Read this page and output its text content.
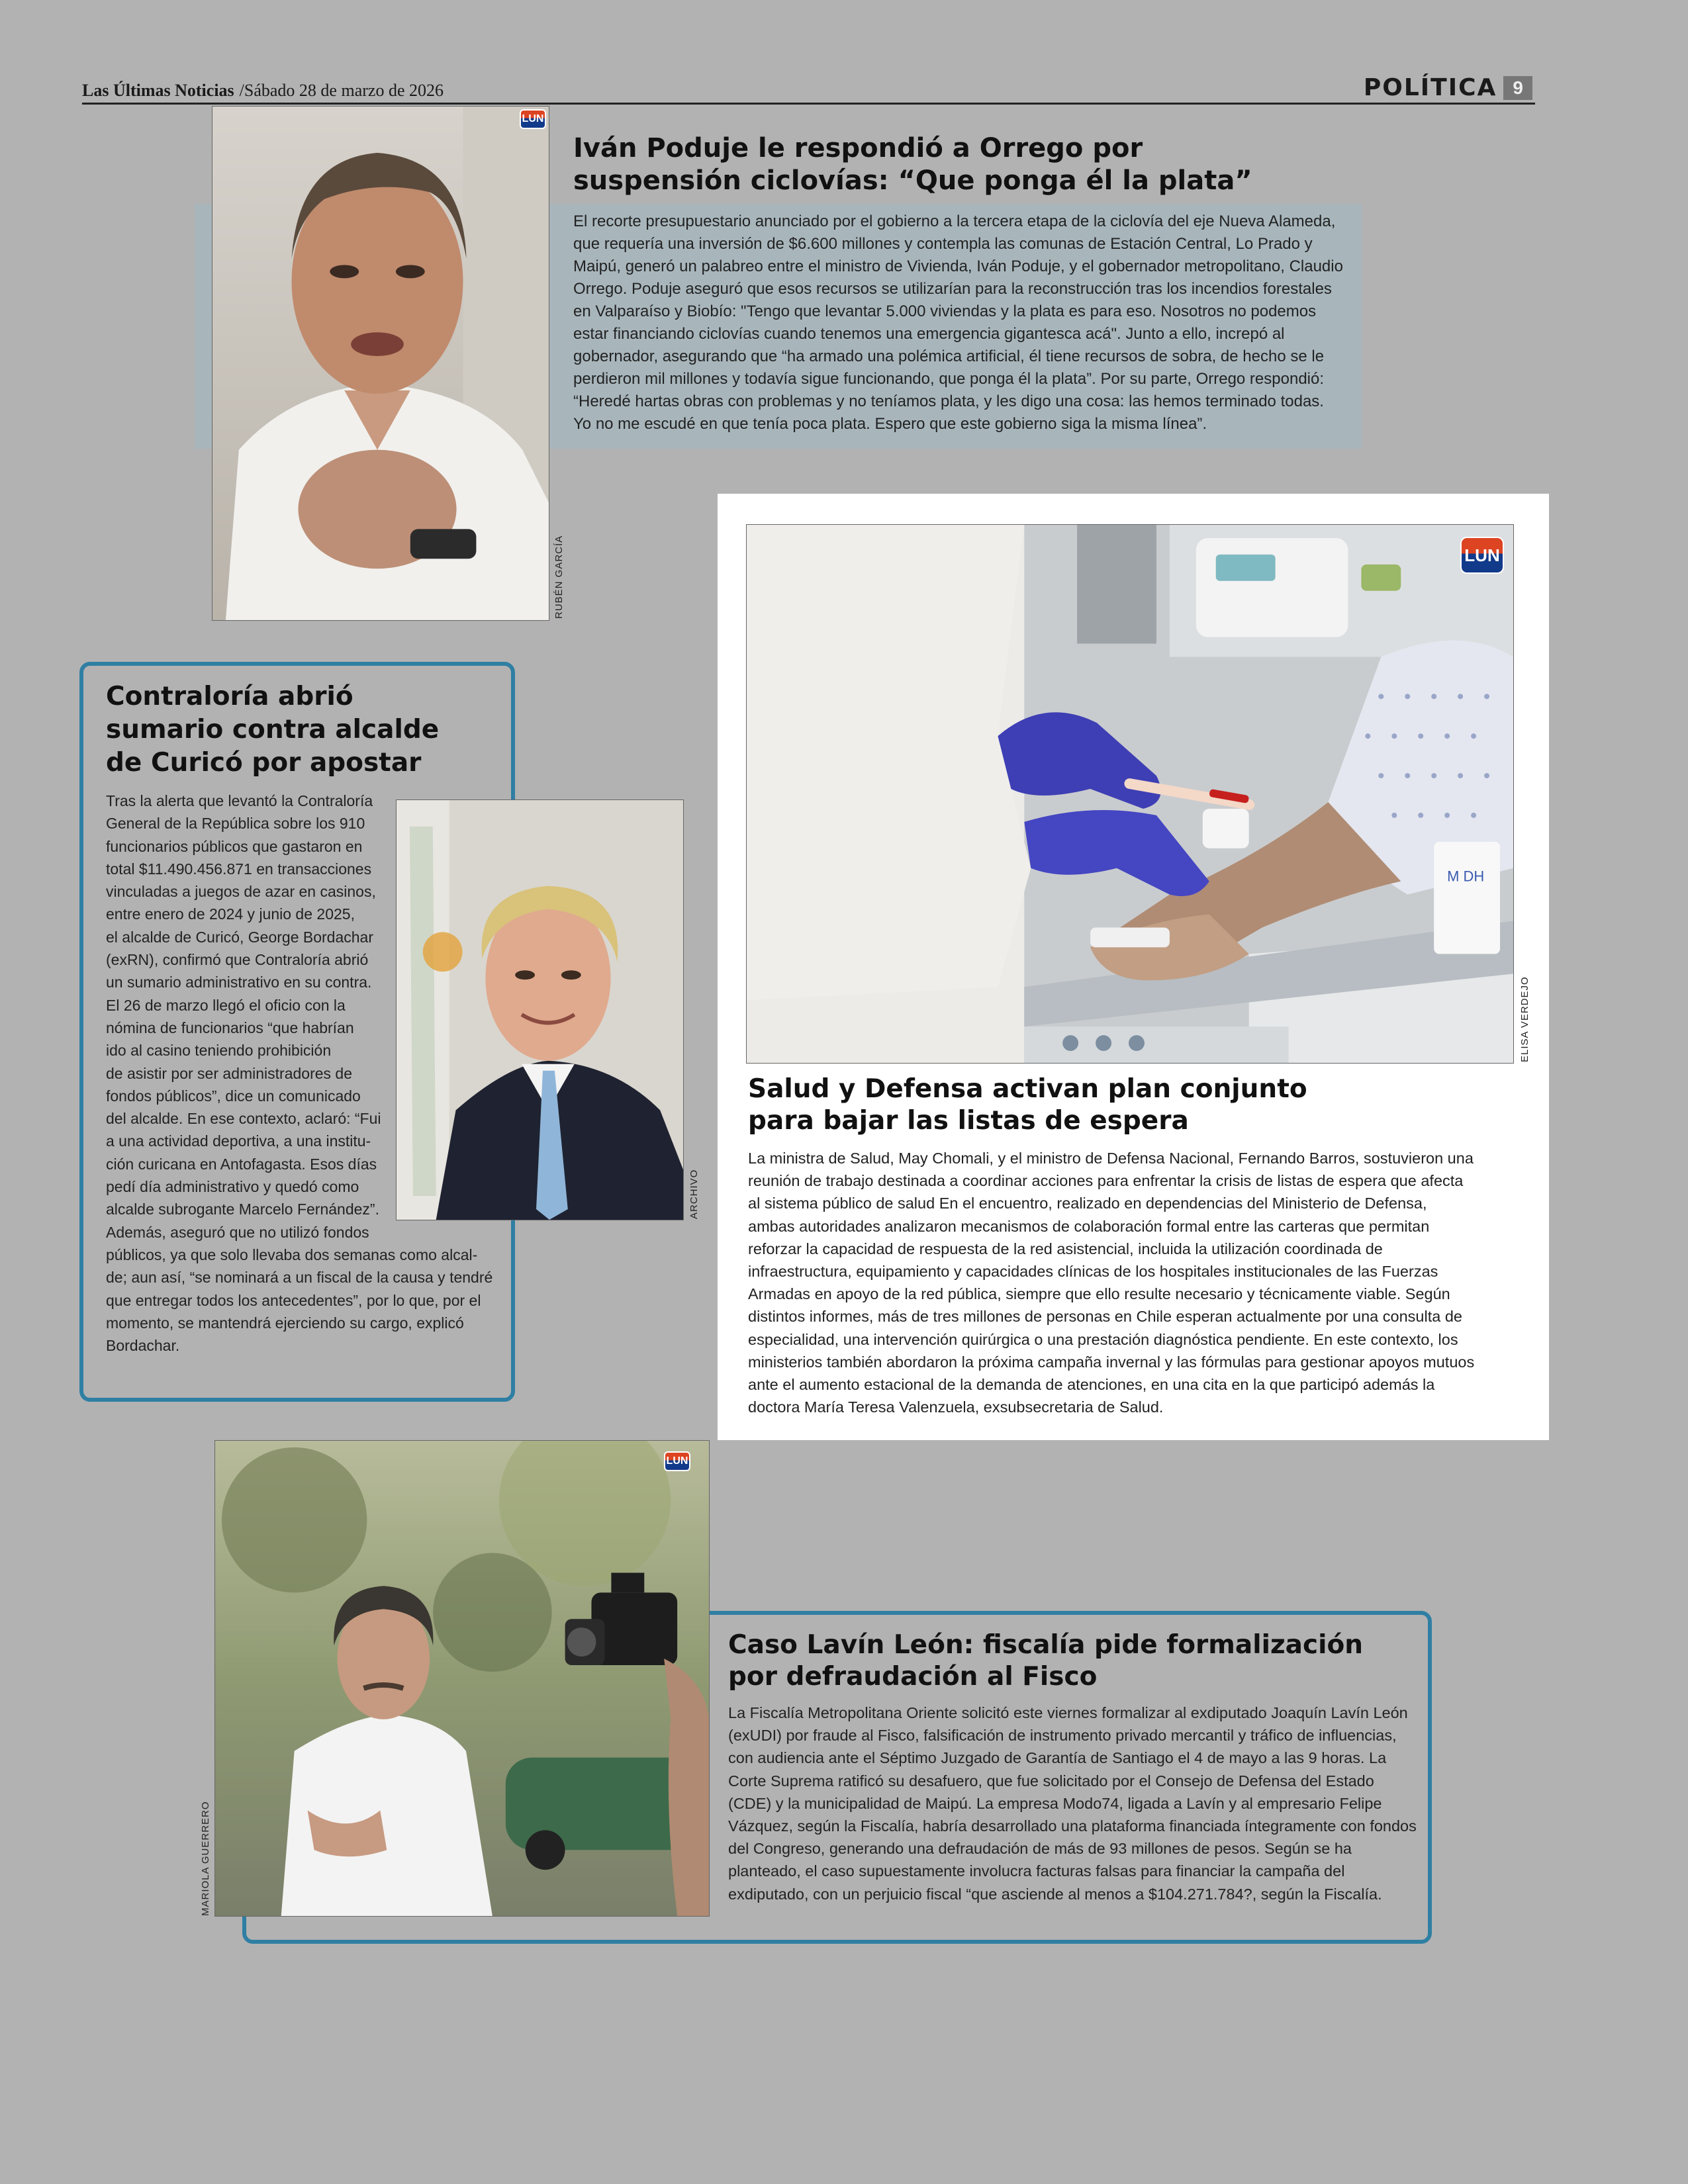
Las Últimas Noticias /Sábado 28 de marzo de 2026	POLÍTICA 9
LUN
RUBÉN GARCÍA
Iván Poduje le respondió a Orrego por suspensión ciclovías: “Que ponga él la plata”
El recorte presupuestario anunciado por el gobierno a la tercera etapa de la ciclovía del eje Nueva Alameda, que requería una inversión de $6.600 millones y contempla las comunas de Estación Central, Lo Prado y Maipú, generó un palabreo entre el ministro de Vivienda, Iván Poduje, y el gobernador metropolitano, Claudio Orrego. Poduje aseguró que esos recursos se utilizarían para la reconstrucción tras los incendios forestales en Valparaíso y Biobío: "Tengo que levantar 5.000 viviendas y la plata es para eso. Nosotros no podemos estar financiando ciclovías cuando tenemos una emergencia gigantesca acá". Junto a ello, increpó al gobernador, asegurando que “ha armado una polémica artificial, él tiene recursos de sobra, de hecho se le perdieron mil millones y todavía sigue funcionando, que ponga él la plata”. Por su parte, Orrego respondió: “Heredé hartas obras con problemas y no teníamos plata, y les digo una cosa: las hemos terminado todas. Yo no me escudé en que tenía poca plata. Espero que este gobierno siga la misma línea”.
Contraloría abrió sumario contra alcalde de Curicó por apostar
Tras la alerta que levantó la Contraloría
General de la República sobre los 910
funcionarios públicos que gastaron en
total $11.490.456.871 en transacciones
vinculadas a juegos de azar en casinos,
entre enero de 2024 y junio de 2025,
el alcalde de Curicó, George Bordachar
(exRN), confirmó que Contraloría abrió
un sumario administrativo en su contra.
El 26 de marzo llegó el oficio con la
nómina de funcionarios “que habrían
ido al casino teniendo prohibición
de asistir por ser administradores de
fondos públicos”, dice un comunicado
del alcalde. En ese contexto, aclaró: “Fui
a una actividad deportiva, a una institu-
ción curicana en Antofagasta. Esos días
pedí día administrativo y quedó como
alcalde subrogante Marcelo Fernández”.
Además, aseguró que no utilizó fondos
públicos, ya que solo llevaba dos semanas como alcal-
de; aun así, “se nominará a un fiscal de la causa y tendré
que entregar todos los antecedentes”, por lo que, por el
momento, se mantendrá ejerciendo su cargo, explicó
Bordachar.
ARCHIVO
M DH
LUN
ELISA VERDEJO
Salud y Defensa activan plan conjunto para bajar las listas de espera
La ministra de Salud, May Chomali, y el ministro de Defensa Nacional, Fernando Barros, sostuvieron una reunión de trabajo destinada a coordinar acciones para enfrentar la crisis de listas de espera que afecta al sistema público de salud En el encuentro, realizado en dependencias del Ministerio de Defensa, ambas autoridades analizaron mecanismos de colaboración formal entre las carteras que permitan reforzar la capacidad de respuesta de la red asistencial, incluida la utilización coordinada de infraestructura, equipamiento y capacidades clínicas de los hospitales institucionales de las Fuerzas Armadas en apoyo de la red pública, siempre que ello resulte necesario y técnicamente viable. Según distintos informes, más de tres millones de personas en Chile esperan actualmente por una consulta de especialidad, una intervención quirúrgica o una prestación diagnóstica pendiente. En este contexto, los ministerios también abordaron la próxima campaña invernal y las fórmulas para gestionar apoyos mutuos ante el aumento estacional de la demanda de atenciones, en una cita en la que participó además la doctora María Teresa Valenzuela, exsubsecretaria de Salud.
LUN
MARIOLA GUERRERO
Caso Lavín León: fiscalía pide formalización por defraudación al Fisco
La Fiscalía Metropolitana Oriente solicitó este viernes formalizar al exdiputado Joaquín Lavín León (exUDI) por fraude al Fisco, falsificación de instrumento privado mercantil y tráfico de influencias, con audiencia ante el Séptimo Juzgado de Garantía de Santiago el 4 de mayo a las 9 horas. La Corte Suprema ratificó su desafuero, que fue solicitado por el Consejo de Defensa del Estado (CDE) y la municipalidad de Maipú. La empresa Modo74, ligada a Lavín y al empresario Felipe Vázquez, según la Fiscalía, habría desarrollado una plataforma financiada íntegramente con fondos del Congreso, generando una defraudación de más de 93 millones de pesos. Según se ha planteado, el caso supuestamente involucra facturas falsas para financiar la campaña del exdiputado, con un perjuicio fiscal “que asciende al menos a $104.271.784?, según la Fiscalía.
